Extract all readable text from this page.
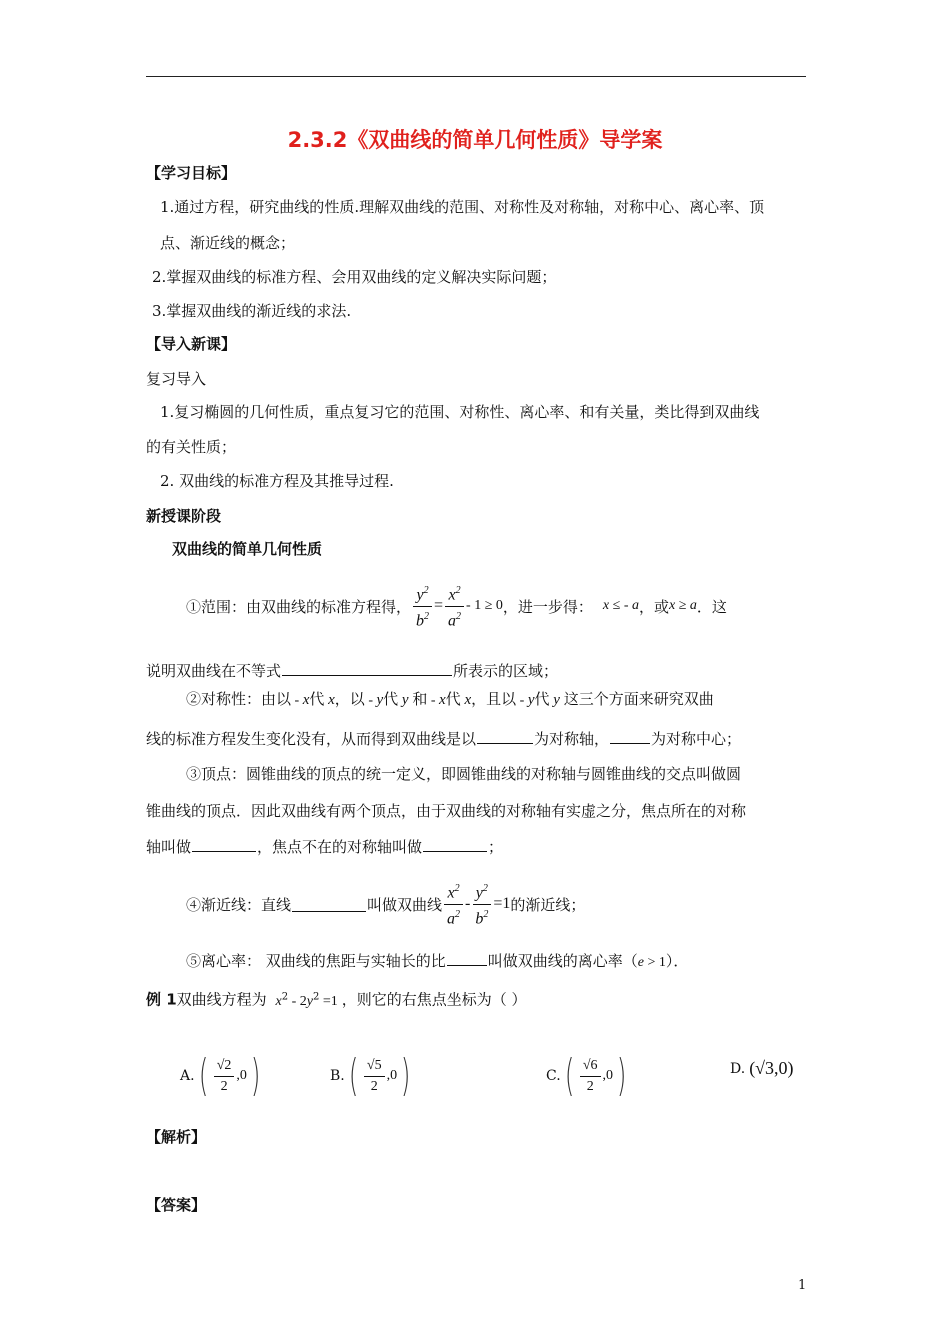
2.3.2《双曲线的简单几何性质》导学案
【学习目标】
1.通过方程，研究曲线的性质.理解双曲线的范围、对称性及对称轴，对称中心、离心率、顶
点、渐近线的概念；
2.掌握双曲线的标准方程、会用双曲线的定义解决实际问题；
3.掌握双曲线的渐近线的求法.
【导入新课】
复习导入
1.复习椭圆的几何性质，重点复习它的范围、对称性、离心率、和有关量，类比得到双曲线
的有关性质；
2. 双曲线的标准方程及其推导过程.
新授课阶段
双曲线的简单几何性质
①范围：由双曲线的标准方程得， $\frac{y^2}{b^2} = \frac{x^2}{a^2} - 1 \ge 0$ ，进一步得： x ≤ - a ，或 x ≥ a ．这
说明双曲线在不等式	所表示的区域；
②对称性：由以 - x代 x，以 - y代 y 和 - x代 x，且以 - y代 y 这三个方面来研究双曲
线的标准方程发生变化没有，从而得到双曲线是以	为对称轴，	为对称中心；
③顶点：圆锥曲线的顶点的统一定义，即圆锥曲线的对称轴与圆锥曲线的交点叫做圆
锥曲线的顶点．因此双曲线有两个顶点，由于双曲线的对称轴有实虚之分，焦点所在的对称
轴叫做	，焦点不在的对称轴叫做	；
④渐近线：直线	叫做双曲线 $\frac{x^2}{a^2} - \frac{y^2}{b^2} =1$ 的渐近线；
⑤离心率： 双曲线的焦距与实轴长的比	叫做双曲线的离心率（e > 1）．
例 1双曲线方程为 $x^2 - 2y^2 =1$ ，则它的右焦点坐标为（ ）
A. ( $\frac{√2}{2} ,0$ )	B. ( $\frac{√5}{2} ,0$ )	C. ( $\frac{√6}{2} ,0$ )	D. (√3,0)
【解析】
【答案】
1
